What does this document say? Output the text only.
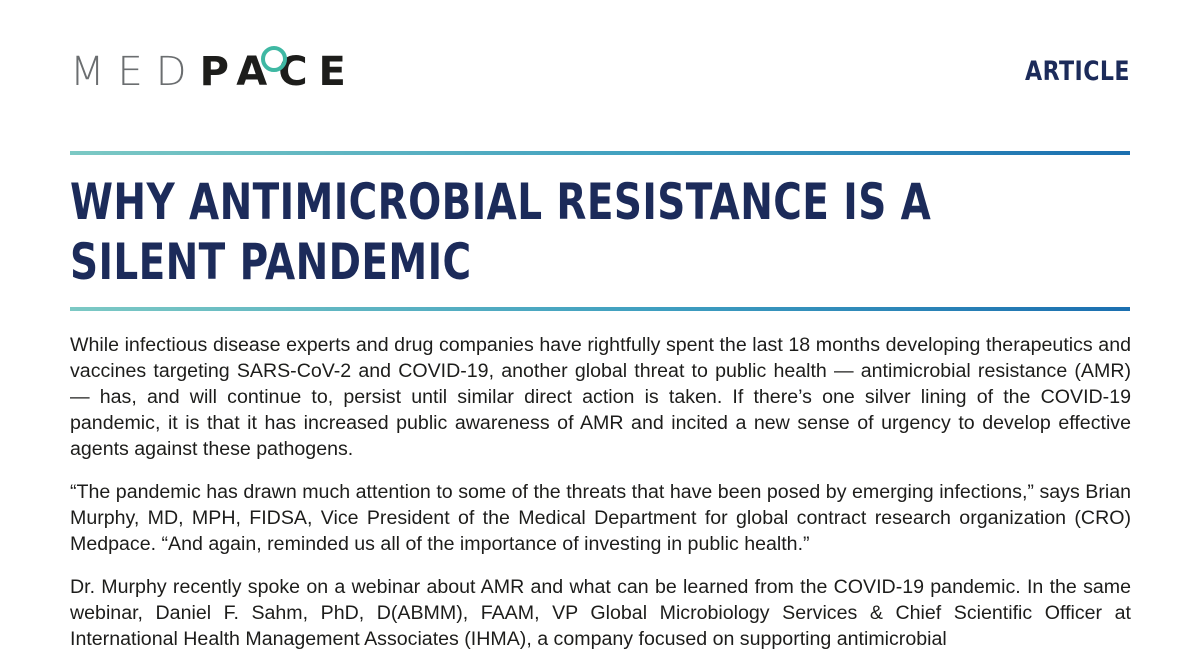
MED PACE	ARTICLE
WHY ANTIMICROBIAL RESISTANCE IS A
SILENT PANDEMIC

While infectious disease experts and drug companies have rightfully spent the last 18 months developing therapeutics and vaccines targeting SARS-CoV-2 and COVID-19, another global threat to public health — antimicrobial resistance (AMR) — has, and will continue to, persist until similar direct action is taken. If there’s one silver lining of the COVID-19 pandemic, it is that it has increased public awareness of AMR and incited a new sense of urgency to develop effective agents against these pathogens.

“The pandemic has drawn much attention to some of the threats that have been posed by emerging infections,” says Brian Murphy, MD, MPH, FIDSA, Vice President of the Medical Department for global contract research organization (CRO) Medpace. “And again, reminded us all of the importance of investing in public health.”

Dr. Murphy recently spoke on a webinar about AMR and what can be learned from the COVID-19 pandemic. In the same webinar, Daniel F. Sahm, PhD, D(ABMM), FAAM, VP Global Microbiology Services & Chief Scientific Officer at International Health Management Associates (IHMA), a company focused on supporting antimicrobial
